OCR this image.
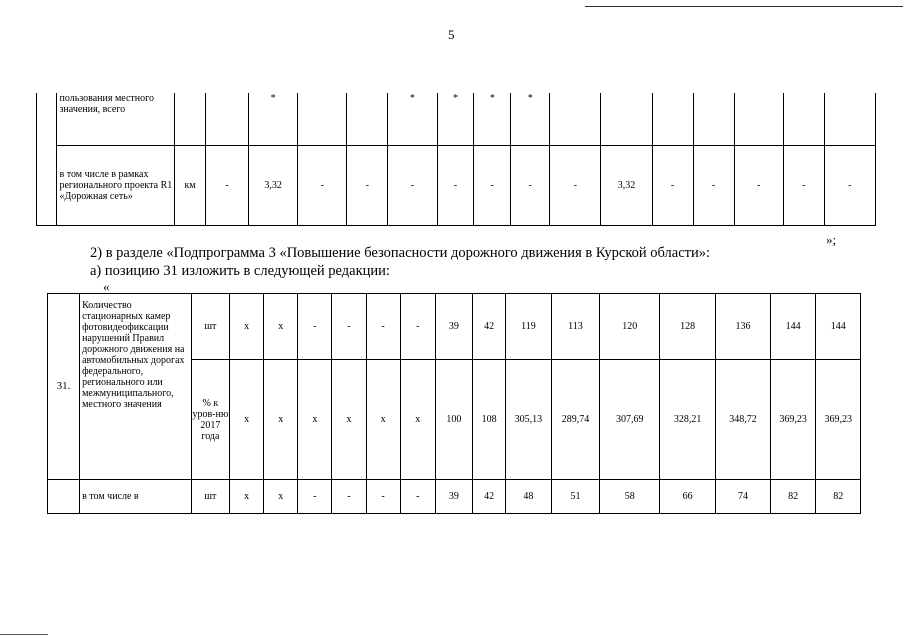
5
	пользования местного значения, всего			*			*	*	*	*							
	в том числе в рамках регионального проекта R1 «Дорожная сеть»	км	-	3,32	-	-	-	-	-	-	-	3,32	-	-	-	-	-
»;
2) в разделе «Подпрограмма 3 «Повышение безопасности дорожного движения в Курской области»:
а) позицию 31 изложить в следующей редакции:
«
31.	Количество стационарных камер фотовидеофиксации нарушений Правил дорожного движения на автомобильных дорогах федерального, регионального или межмуниципального, местного значения	шт	х	х	-	-	-	-	39	42	119	113	120	128	136	144	144
		% к уров-ню 2017 года	х	х	х	х	х	х	100	108	305,13	289,74	307,69	328,21	348,72	369,23	369,23
	в том числе в	шт	х	х	-	-	-	-	39	42	48	51	58	66	74	82	82
